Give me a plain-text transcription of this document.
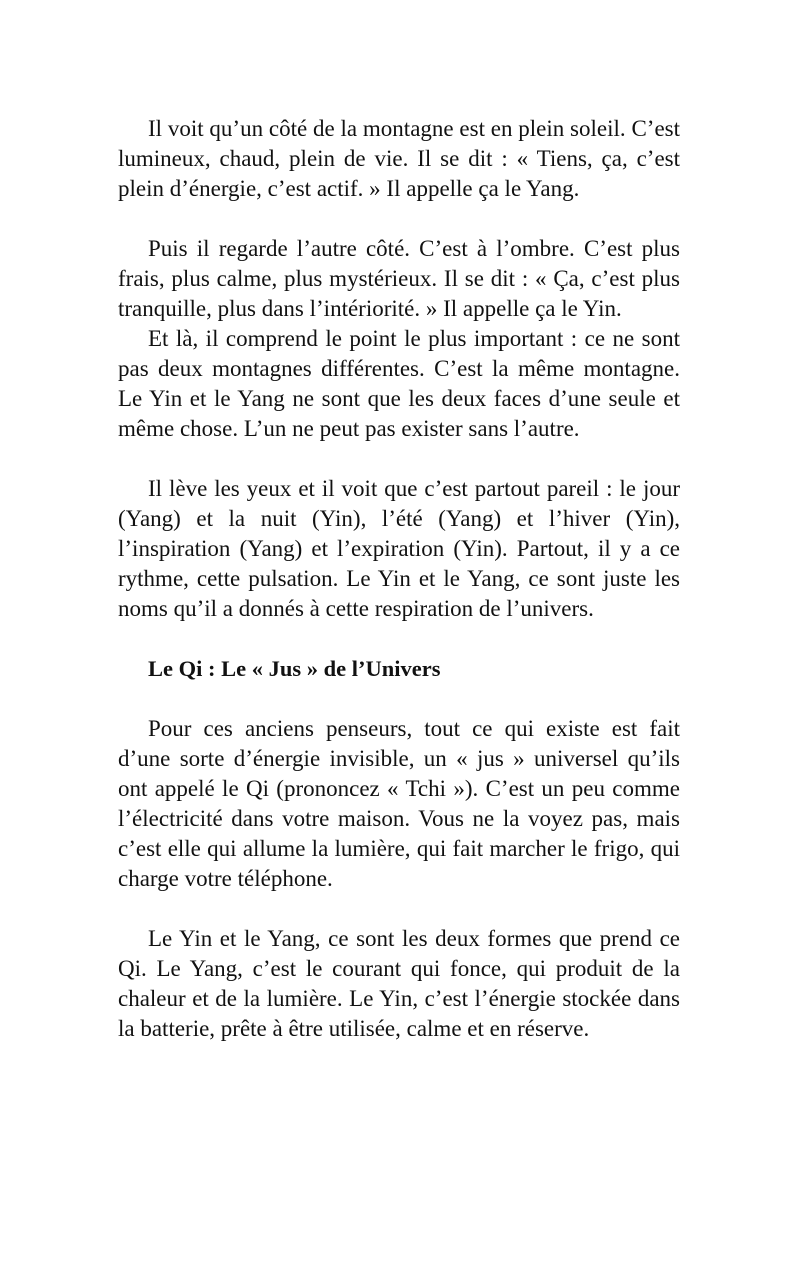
Il voit qu’un côté de la montagne est en plein soleil. C’est lumineux, chaud, plein de vie. Il se dit : « Tiens, ça, c’est plein d’énergie, c’est actif. » Il appelle ça le Yang.

Puis il regarde l’autre côté. C’est à l’ombre. C’est plus frais, plus calme, plus mystérieux. Il se dit : « Ça, c’est plus tranquille, plus dans l’intériorité. » Il appelle ça le Yin.

Et là, il comprend le point le plus important : ce ne sont pas deux montagnes différentes. C’est la même montagne. Le Yin et le Yang ne sont que les deux faces d’une seule et même chose. L’un ne peut pas exister sans l’autre.

Il lève les yeux et il voit que c’est partout pareil : le jour (Yang) et la nuit (Yin), l’été (Yang) et l’hiver (Yin), l’inspiration (Yang) et l’expiration (Yin). Partout, il y a ce rythme, cette pulsation. Le Yin et le Yang, ce sont juste les noms qu’il a donnés à cette respiration de l’univers.

Le Qi : Le « Jus » de l’Univers

Pour ces anciens penseurs, tout ce qui existe est fait d’une sorte d’énergie invisible, un « jus » universel qu’ils ont appelé le Qi (prononcez « Tchi »). C’est un peu comme l’électricité dans votre maison. Vous ne la voyez pas, mais c’est elle qui allume la lumière, qui fait marcher le frigo, qui charge votre téléphone.

Le Yin et le Yang, ce sont les deux formes que prend ce Qi. Le Yang, c’est le courant qui fonce, qui produit de la chaleur et de la lumière. Le Yin, c’est l’énergie stockée dans la batterie, prête à être utilisée, calme et en réserve.
